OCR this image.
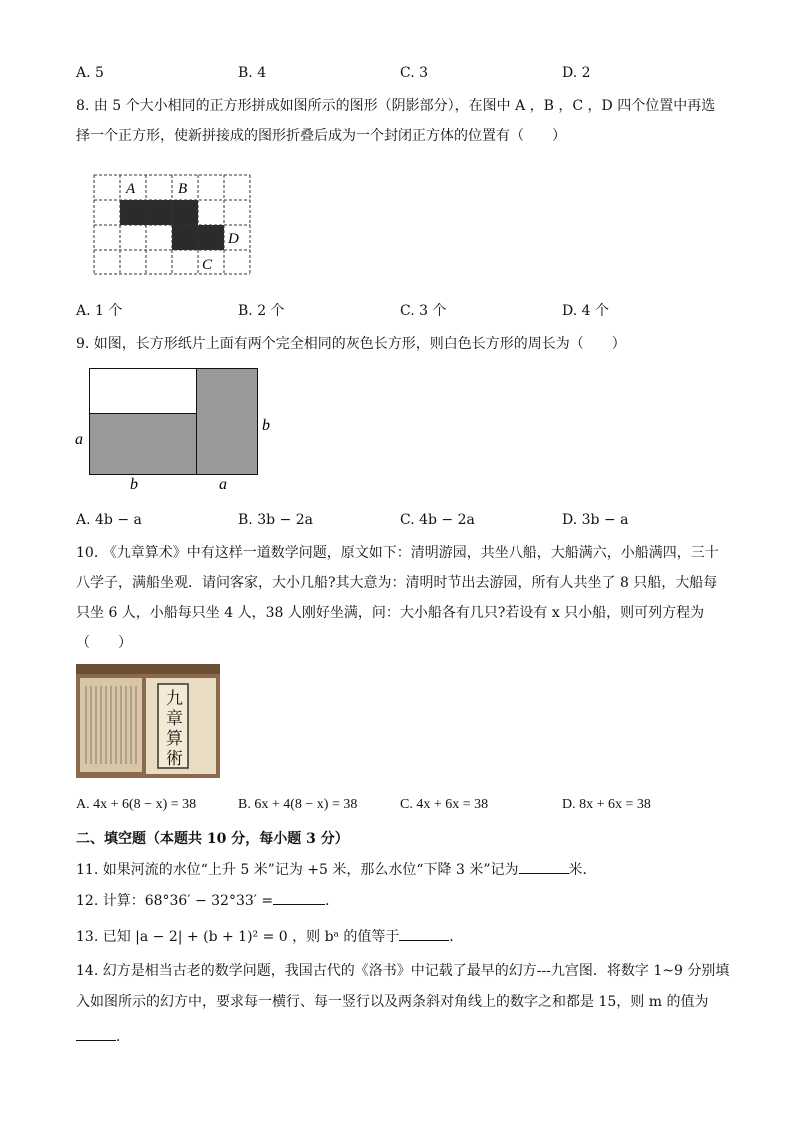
A. 5	B. 4	C. 3	D. 2
8. 由 5 个大小相同的正方形拼成如图所示的图形（阴影部分），在图中 A ，B ，C ，D 四个位置中再选
择一个正方形，使新拼接成的图形折叠后成为一个封闭正方体的位置有（　　）
A	B
D
C
A. 1 个	B. 2 个	C. 3 个	D. 4 个
9. 如图，长方形纸片上面有两个完全相同的灰色长方形，则白色长方形的周长为（　　）
a
b
b	a
A. 4b − a	B. 3b − 2a	C. 4b − 2a	D. 3b − a
10. 《九章算术》中有这样一道数学问题，原文如下：清明游园，共坐八船，大船满六，小船满四，三十
八学子，满船坐观．请问客家，大小几船?其大意为：清明时节出去游园，所有人共坐了 8 只船，大船每
只坐 6 人，小船每只坐 4 人，38 人刚好坐满，问：大小船各有几只?若设有 x 只小船，则可列方程为
（　　）
九
章
算
術
A. 4x + 6(8 − x) = 38	B. 6x + 4(8 − x) = 38	C. 4x + 6x = 38	D. 8x + 6x = 38
二、填空题（本题共 10 分，每小题 3 分）
11. 如果河流的水位“上升 5 米”记为 +5 米，那么水位“下降 3 米”记为	米．
12. 计算：68°36′ − 32°33′ =	．
13. 已知 |a − 2| + (b + 1)² = 0 ，则 bᵃ 的值等于	．
14. 幻方是相当古老的数学问题，我国古代的《洛书》中记载了最早的幻方---九宫图．将数字 1~9 分别填
入如图所示的幻方中，要求每一横行、每一竖行以及两条斜对角线上的数字之和都是 15，则 m 的值为
．
